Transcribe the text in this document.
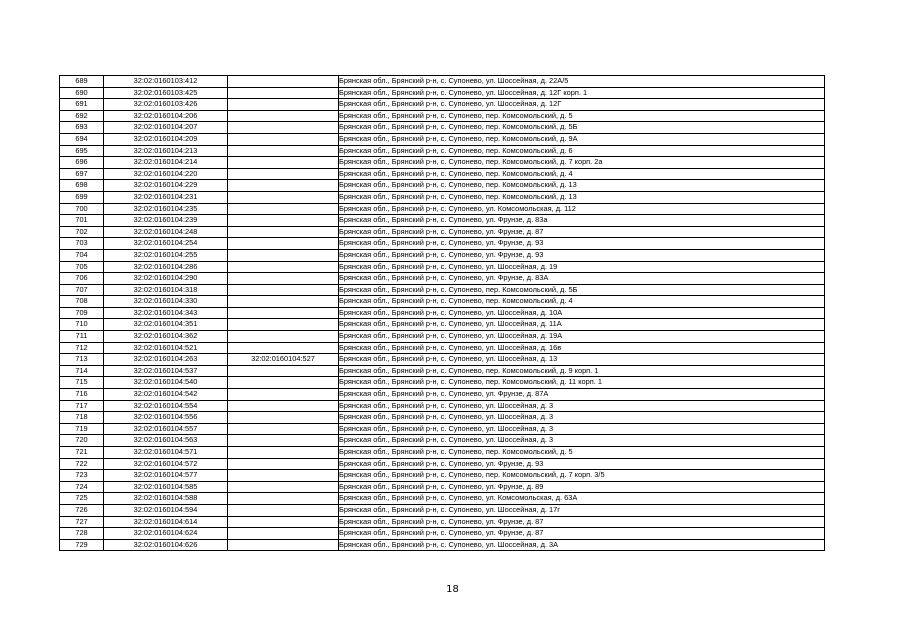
689	32:02:0160103:412		Брянская обл., Брянский р-н, с. Супонево, ул. Шоссейная, д. 22А/5
690	32:02:0160103:425		Брянская обл., Брянский р-н, с. Супонево, ул. Шоссейная, д. 12Г корп. 1
691	32:02:0160103:426		Брянская обл., Брянский р-н, с. Супонево, ул. Шоссейная, д. 12Г
692	32:02:0160104:206		Брянская обл., Брянский р-н, с. Супонево, пер. Комсомольский, д. 5
693	32:02:0160104:207		Брянская обл., Брянский р-н, с. Супонево, пер. Комсомольский, д. 5Б
694	32:02:0160104:209		Брянская обл., Брянский р-н, с. Супонево, пер. Комсомольский, д. 9А
695	32:02:0160104:213		Брянская обл., Брянский р-н, с. Супонево, пер. Комсомольский, д. 6
696	32:02:0160104:214		Брянская обл., Брянский р-н, с. Супонево, пер. Комсомольский, д. 7 корп. 2а
697	32:02:0160104:220		Брянская обл., Брянский р-н, с. Супонево, пер. Комсомольский, д. 4
698	32:02:0160104:229		Брянская обл., Брянский р-н, с. Супонево, пер. Комсомольский, д. 13
699	32:02:0160104:231		Брянская обл., Брянский р-н, с. Супонево, пер. Комсомольский, д. 13
700	32:02:0160104:235		Брянская обл., Брянский р-н, с. Супонево, ул. Комсомольская, д. 112
701	32:02:0160104:239		Брянская обл., Брянский р-н, с. Супонево, ул. Фрунзе, д. 83а
702	32:02:0160104:248		Брянская обл., Брянский р-н, с. Супонево, ул. Фрунзе, д. 87
703	32:02:0160104:254		Брянская обл., Брянский р-н, с. Супонево, ул. Фрунзе, д. 93
704	32:02:0160104:255		Брянская обл., Брянский р-н, с. Супонево, ул. Фрунзе, д. 93
705	32:02:0160104:286		Брянская обл., Брянский р-н, с. Супонево, ул. Шоссейная, д. 19
706	32:02:0160104:290		Брянская обл., Брянский р-н, с. Супонево, ул. Фрунзе, д. 83А
707	32:02:0160104:318		Брянская обл., Брянский р-н, с. Супонево, пер. Комсомольский, д. 5Б
708	32:02:0160104:330		Брянская обл., Брянский р-н, с. Супонево, пер. Комсомольский, д. 4
709	32:02:0160104:343		Брянская обл., Брянский р-н, с. Супонево, ул. Шоссейная, д. 10А
710	32:02:0160104:351		Брянская обл., Брянский р-н, с. Супонево, ул. Шоссейная, д. 11А
711	32:02:0160104:362		Брянская обл., Брянский р-н, с. Супонево, ул. Шоссейная, д. 19А
712	32:02:0160104:521		Брянская обл., Брянский р-н, с. Супонево, ул. Шоссейная, д. 16в
713	32:02:0160104:263	32:02:0160104:527	Брянская обл., Брянский р-н, с. Супонево, ул. Шоссейная, д. 13
714	32:02:0160104:537		Брянская обл., Брянский р-н, с. Супонево, пер. Комсомольский, д. 9 корп. 1
715	32:02:0160104:540		Брянская обл., Брянский р-н, с. Супонево, пер. Комсомольский, д. 11 корп. 1
716	32:02:0160104:542		Брянская обл., Брянский р-н, с. Супонево, ул. Фрунзе, д. 87А
717	32:02:0160104:554		Брянская обл., Брянский р-н, с. Супонево, ул. Шоссейная, д. 3
718	32:02:0160104:556		Брянская обл., Брянский р-н, с. Супонево, ул. Шоссейная, д. 3
719	32:02:0160104:557		Брянская обл., Брянский р-н, с. Супонево, ул. Шоссейная, д. 3
720	32:02:0160104:563		Брянская обл., Брянский р-н, с. Супонево, ул. Шоссейная, д. 3
721	32:02:0160104:571		Брянская обл., Брянский р-н, с. Супонево, пер. Комсомольский, д. 5
722	32:02:0160104:572		Брянская обл., Брянский р-н, с. Супонево, ул. Фрунзе, д. 93
723	32:02:0160104:577		Брянская обл., Брянский р-н, с. Супонево, пер. Комсомольский, д. 7 корп. 3/5
724	32:02:0160104:585		Брянская обл., Брянский р-н, с. Супонево, ул. Фрунзе, д. 89
725	32:02:0160104:588		Брянская обл., Брянский р-н, с. Супонево, ул. Комсомольская, д. 63А
726	32:02:0160104:594		Брянская обл., Брянский р-н, с. Супонево, ул. Шоссейная, д. 17г
727	32:02:0160104:614		Брянская обл., Брянский р-н, с. Супонево, ул. Фрунзе, д. 87
728	32:02:0160104:624		Брянская обл., Брянский р-н, с. Супонево, ул. Фрунзе, д. 87
729	32:02:0160104:626		Брянская обл., Брянский р-н, с. Супонево, ул. Шоссейная, д. 3А
18
